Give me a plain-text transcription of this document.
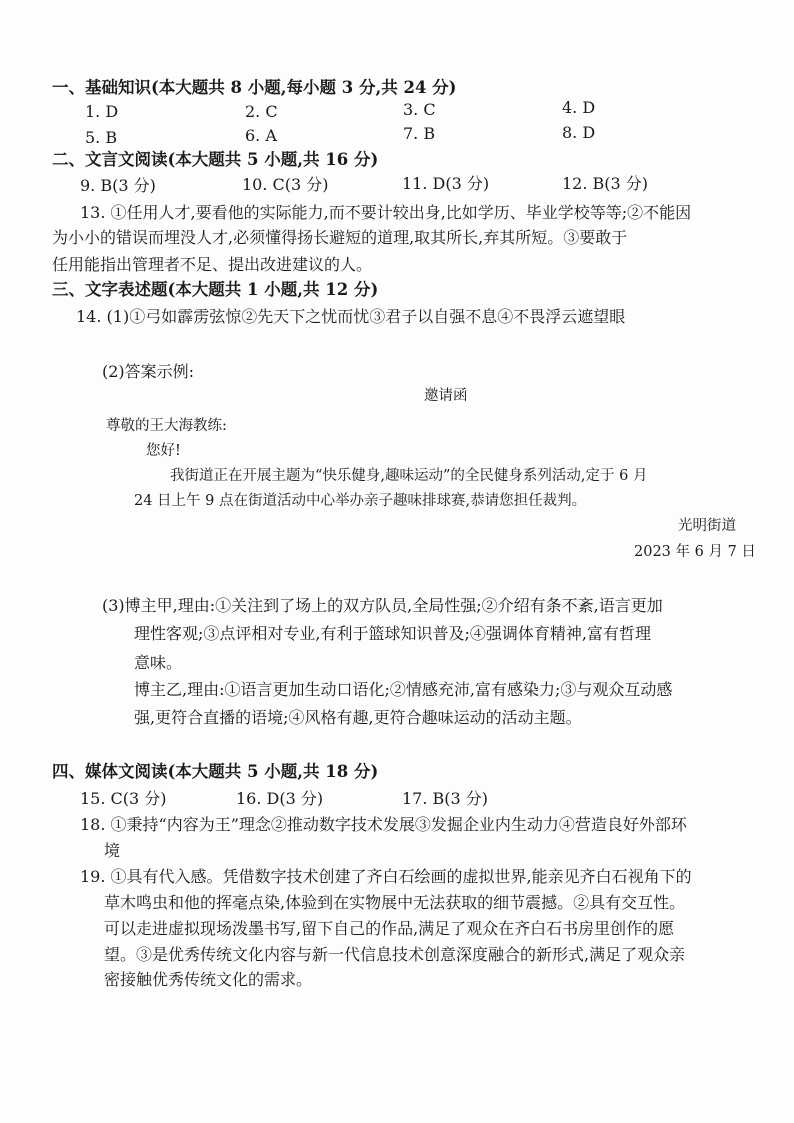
一、基础知识(本大题共 8 小题,每小题 3 分,共 24 分)
1. D	2. C	3. C	4. D
5. B	6. A	7. B	8. D
二、文言文阅读(本大题共 5 小题,共 16 分)
9. B(3 分)	10. C(3 分)	11. D(3 分)	12. B(3 分)
13. ①任用人才,要看他的实际能力,而不要计较出身,比如学历、毕业学校等等;②不能因
为小小的错误而埋没人才,必须懂得扬长避短的道理,取其所长,弃其所短。③要敢于
任用能指出管理者不足、提出改进建议的人。
三、文字表述题(本大题共 1 小题,共 12 分)
14. (1)①弓如霹雳弦惊②先天下之忧而忧③君子以自强不息④不畏浮云遮望眼
(2)答案示例:
邀请函
尊敬的王大海教练:
您好!
我街道正在开展主题为“快乐健身,趣味运动”的全民健身系列活动,定于 6 月
24 日上午 9 点在街道活动中心举办亲子趣味排球赛,恭请您担任裁判。
光明街道
2023 年 6 月 7 日
(3)博主甲,理由:①关注到了场上的双方队员,全局性强;②介绍有条不紊,语言更加
理性客观;③点评相对专业,有利于篮球知识普及;④强调体育精神,富有哲理
意味。
博主乙,理由:①语言更加生动口语化;②情感充沛,富有感染力;③与观众互动感
强,更符合直播的语境;④风格有趣,更符合趣味运动的活动主题。
四、媒体文阅读(本大题共 5 小题,共 18 分)
15. C(3 分)	16. D(3 分)	17. B(3 分)
18. ①秉持“内容为王”理念②推动数字技术发展③发掘企业内生动力④营造良好外部环
境
19. ①具有代入感。凭借数字技术创建了齐白石绘画的虚拟世界,能亲见齐白石视角下的
草木鸣虫和他的挥毫点染,体验到在实物展中无法获取的细节震撼。②具有交互性。
可以走进虚拟现场泼墨书写,留下自己的作品,满足了观众在齐白石书房里创作的愿
望。③是优秀传统文化内容与新一代信息技术创意深度融合的新形式,满足了观众亲
密接触优秀传统文化的需求。
